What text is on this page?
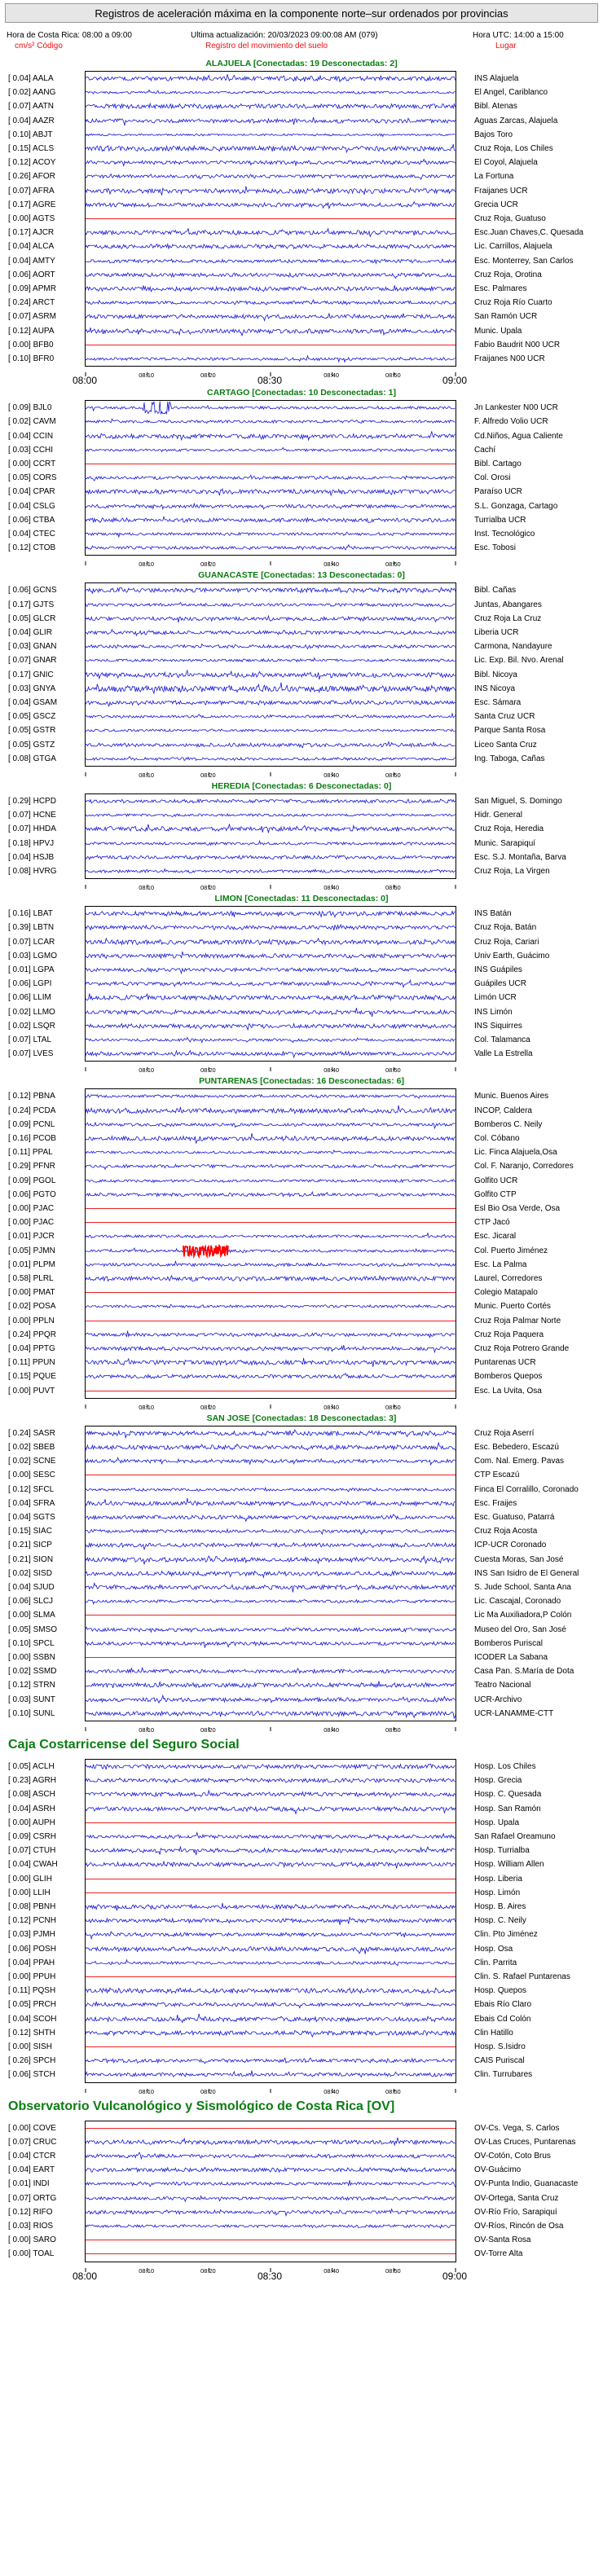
Registros de aceleración máxima en la componente norte–sur ordenados por provincias
Hora de Costa Rica: 08:00 a 09:00	Ultima actualización: 20/03/2023 09:00:08 AM (079)	Hora UTC: 14:00 a 15:00
cm/s² Código	Registro del movimiento del suelo	Lugar
ALAJUELA [Conectadas: 19 Desconectadas: 2]
[ 0.04] AALA	INS Alajuela
[ 0.02] AANG	El Angel, Cariblanco
[ 0.07] AATN	Bibl. Atenas
[ 0.04] AAZR	Aguas Zarcas, Alajuela
[ 0.10] ABJT	Bajos Toro
[ 0.15] ACLS	Cruz Roja, Los Chiles
[ 0.12] ACOY	El Coyol, Alajuela
[ 0.26] AFOR	La Fortuna
[ 0.07] AFRA	Fraijanes UCR
[ 0.17] AGRE	Grecia UCR
[ 0.00] AGTS	Cruz Roja, Guatuso
[ 0.17] AJCR	Esc.Juan Chaves,C. Quesada
[ 0.04] ALCA	Lic. Carrillos, Alajuela
[ 0.04] AMTY	Esc. Monterrey, San Carlos
[ 0.06] AORT	Cruz Roja, Orotina
[ 0.09] APMR	Esc. Palmares
[ 0.24] ARCT	Cruz Roja Río Cuarto
[ 0.07] ASRM	San Ramón UCR
[ 0.12] AUPA	Munic. Upala
[ 0.00] BFB0	Fabio Baudrit N00 UCR
[ 0.10] BFR0	Fraijanes N00 UCR
08:10	08:20	08:40	08:50
08:00	08:30	09:00
CARTAGO [Conectadas: 10 Desconectadas: 1]
[ 0.09] BJL0	Jn Lankester N00 UCR
[ 0.02] CAVM	F. Alfredo Volio UCR
[ 0.04] CCIN	Cd.Niños, Agua Caliente
[ 0.03] CCHI	Cachí
[ 0.00] CCRT	Bibl. Cartago
[ 0.05] CORS	Col. Orosi
[ 0.04] CPAR	Paraíso UCR
[ 0.04] CSLG	S.L. Gonzaga, Cartago
[ 0.06] CTBA	Turrialba UCR
[ 0.04] CTEC	Inst. Tecnológico
[ 0.12] CTOB	Esc. Tobosi
08:10	08:20	08:40	08:50
GUANACASTE [Conectadas: 13 Desconectadas: 0]
[ 0.06] GCNS	Bibl. Cañas
[ 0.17] GJTS	Juntas, Abangares
[ 0.05] GLCR	Cruz Roja La Cruz
[ 0.04] GLIR	Liberia UCR
[ 0.03] GNAN	Carmona, Nandayure
[ 0.07] GNAR	Lic. Exp. Bil. Nvo. Arenal
[ 0.17] GNIC	Bibl. Nicoya
[ 0.03] GNYA	INS Nicoya
[ 0.04] GSAM	Esc. Sámara
[ 0.05] GSCZ	Santa Cruz UCR
[ 0.05] GSTR	Parque Santa Rosa
[ 0.05] GSTZ	Liceo Santa Cruz
[ 0.08] GTGA	Ing. Taboga, Cañas
08:10	08:20	08:40	08:50
HEREDIA [Conectadas: 6 Desconectadas: 0]
[ 0.29] HCPD	San Miguel, S. Domingo
[ 0.07] HCNE	Hidr. General
[ 0.07] HHDA	Cruz Roja, Heredia
[ 0.18] HPVJ	Munic. Sarapiquí
[ 0.04] HSJB	Esc. S.J. Montaña, Barva
[ 0.08] HVRG	Cruz Roja, La Virgen
08:10	08:20	08:40	08:50
LIMON [Conectadas: 11 Desconectadas: 0]
[ 0.16] LBAT	INS Batán
[ 0.39] LBTN	Cruz Roja, Batán
[ 0.07] LCAR	Cruz Roja, Cariari
[ 0.03] LGMO	Univ Earth, Guácimo
[ 0.01] LGPA	INS Guápiles
[ 0.06] LGPI	Guápiles UCR
[ 0.06] LLIM	Limón UCR
[ 0.02] LLMO	INS Limón
[ 0.02] LSQR	INS Siquirres
[ 0.07] LTAL	Col. Talamanca
[ 0.07] LVES	Valle La Estrella
08:10	08:20	08:40	08:50
PUNTARENAS [Conectadas: 16 Desconectadas: 6]
[ 0.12] PBNA	Munic. Buenos Aires
[ 0.24] PCDA	INCOP, Caldera
[ 0.09] PCNL	Bomberos C. Neily
[ 0.16] PCOB	Col. Cóbano
[ 0.11] PPAL	Lic. Finca Alajuela,Osa
[ 0.29] PFNR	Col. F. Naranjo, Corredores
[ 0.09] PGOL	Golfito UCR
[ 0.06] PGTO	Golfito CTP
[ 0.00] PJAC	Esl Bio Osa Verde, Osa
[ 0.00] PJAC	CTP Jacó
[ 0.01] PJCR	Esc. Jicaral
[ 0.05] PJMN	Col. Puerto Jiménez
[ 0.01] PLPM	Esc. La Palma
[ 0.58] PLRL	Laurel, Corredores
[ 0.00] PMAT	Colegio Matapalo
[ 0.02] POSA	Munic. Puerto Cortés
[ 0.00] PPLN	Cruz Roja Palmar Norte
[ 0.24] PPQR	Cruz Roja Paquera
[ 0.04] PPTG	Cruz Roja Potrero Grande
[ 0.11] PPUN	Puntarenas UCR
[ 0.15] PQUE	Bomberos Quepos
[ 0.00] PUVT	Esc. La Uvita, Osa
08:10	08:20	08:40	08:50
SAN JOSE [Conectadas: 18 Desconectadas: 3]
[ 0.24] SASR	Cruz Roja Aserrí
[ 0.02] SBEB	Esc. Bebedero, Escazú
[ 0.02] SCNE	Com. Nal. Emerg. Pavas
[ 0.00] SESC	CTP Escazú
[ 0.12] SFCL	Finca El Corralillo, Coronado
[ 0.04] SFRA	Esc. Fraijes
[ 0.04] SGTS	Esc. Guatuso, Patarrá
[ 0.15] SIAC	Cruz Roja Acosta
[ 0.21] SICP	ICP-UCR Coronado
[ 0.21] SION	Cuesta Moras, San José
[ 0.02] SISD	INS San Isidro de El General
[ 0.04] SJUD	S. Jude School, Santa Ana
[ 0.06] SLCJ	Lic. Cascajal, Coronado
[ 0.00] SLMA	Lic Ma Auxiliadora,P Colón
[ 0.05] SMSO	Museo del Oro, San José
[ 0.10] SPCL	Bomberos Puriscal
[ 0.00] SSBN	ICODER La Sabana
[ 0.02] SSMD	Casa Pan. S.María de Dota
[ 0.12] STRN	Teatro Nacional
[ 0.03] SUNT	UCR-Archivo
[ 0.10] SUNL	UCR-LANAMME-CTT
08:10	08:20	08:40	08:50
Caja Costarricense del Seguro Social
[ 0.05] ACLH	Hosp. Los Chiles
[ 0.23] AGRH	Hosp. Grecia
[ 0.08] ASCH	Hosp. C. Quesada
[ 0.04] ASRH	Hosp. San Ramón
[ 0.00] AUPH	Hosp. Upala
[ 0.09] CSRH	San Rafael Oreamuno
[ 0.07] CTUH	Hosp. Turrialba
[ 0.04] CWAH	Hosp. William Allen
[ 0.00] GLIH	Hosp. Liberia
[ 0.00] LLIH	Hosp. Limón
[ 0.08] PBNH	Hosp. B. Aires
[ 0.12] PCNH	Hosp. C. Neily
[ 0.03] PJMH	Clin. Pto Jiménez
[ 0.06] POSH	Hosp. Osa
[ 0.04] PPAH	Clin. Parrita
[ 0.00] PPUH	Clin. S. Rafael Puntarenas
[ 0.11] PQSH	Hosp. Quepos
[ 0.05] PRCH	Ebais Río Claro
[ 0.04] SCOH	Ebais Cd Colón
[ 0.12] SHTH	Clin Hatillo
[ 0.00] SISH	Hosp. S.Isidro
[ 0.26] SPCH	CAIS Puriscal
[ 0.06] STCH	Clin. Turrubares
08:10	08:20	08:40	08:50
Observatorio Vulcanológico y Sismológico de Costa Rica [OV]
[ 0.00] COVE	OV-Cs. Vega, S. Carlos
[ 0.07] CRUC	OV-Las Cruces, Puntarenas
[ 0.04] CTCR	OV-Cotón, Coto Brus
[ 0.04] EART	OV-Guácimo
[ 0.01] INDI	OV-Punta Indio, Guanacaste
[ 0.07] ORTG	OV-Ortega, Santa Cruz
[ 0.12] RIFO	OV-Río Frío, Sarapiquí
[ 0.03] RIOS	OV-Ríos, Rincón de Osa
[ 0.00] SARO	OV-Santa Rosa
[ 0.00] TOAL	OV-Torre Alta
08:10	08:20	08:40	08:50
08:00	08:30	09:00
